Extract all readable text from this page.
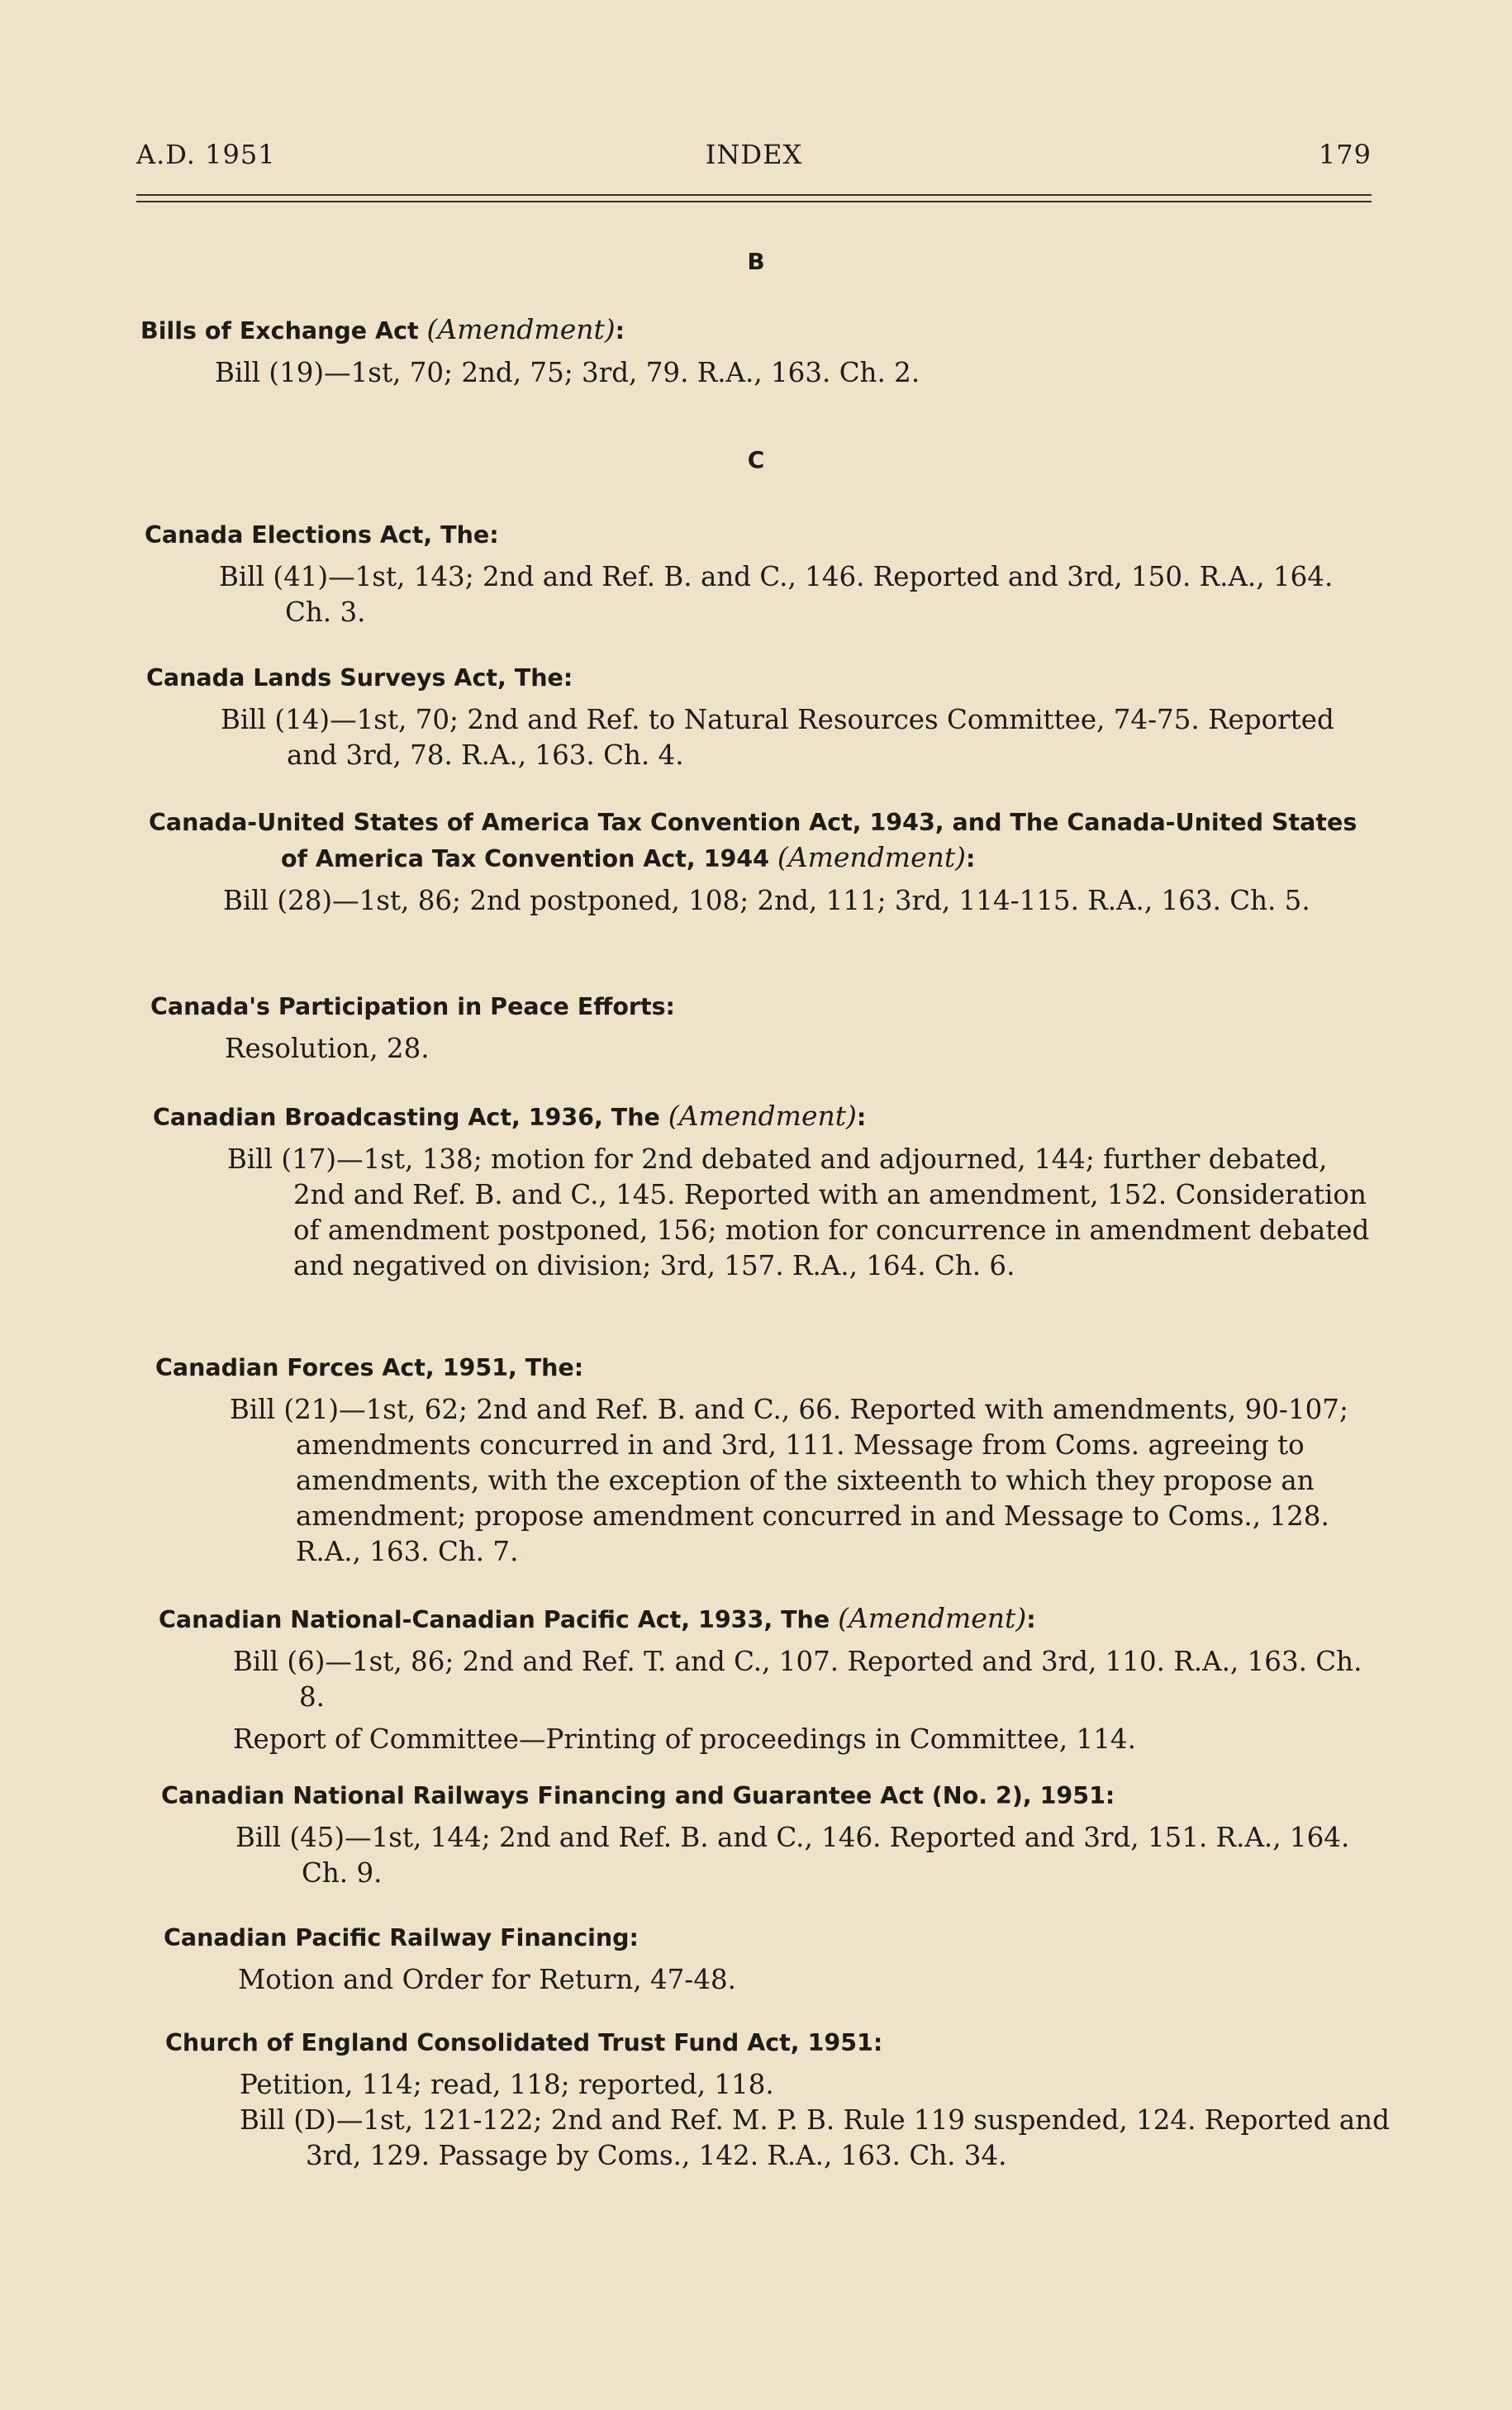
A.D. 1951	INDEX	179
B
Bills of Exchange Act (Amendment):
Bill (19)—1st, 70; 2nd, 75; 3rd, 79. R.A., 163. Ch. 2.
C
Canada Elections Act, The:
Bill (41)—1st, 143; 2nd and Ref. B. and C., 146. Reported and 3rd, 150. R.A., 164. Ch. 3.
Canada Lands Surveys Act, The:
Bill (14)—1st, 70; 2nd and Ref. to Natural Resources Committee, 74-75. Reported and 3rd, 78. R.A., 163. Ch. 4.
Canada-United States of America Tax Convention Act, 1943, and The Canada-United States of America Tax Convention Act, 1944 (Amendment):
Bill (28)—1st, 86; 2nd postponed, 108; 2nd, 111; 3rd, 114-115. R.A., 163. Ch. 5.
Canada's Participation in Peace Efforts:
Resolution, 28.
Canadian Broadcasting Act, 1936, The (Amendment):
Bill (17)—1st, 138; motion for 2nd debated and adjourned, 144; further debated, 2nd and Ref. B. and C., 145. Reported with an amendment, 152. Consideration of amendment postponed, 156; motion for concurrence in amendment debated and negatived on division; 3rd, 157. R.A., 164. Ch. 6.
Canadian Forces Act, 1951, The:
Bill (21)—1st, 62; 2nd and Ref. B. and C., 66. Reported with amendments, 90-107; amendments concurred in and 3rd, 111. Message from Coms. agreeing to amendments, with the exception of the sixteenth to which they propose an amendment; propose amendment concurred in and Message to Coms., 128. R.A., 163. Ch. 7.
Canadian National-Canadian Pacific Act, 1933, The (Amendment):
Bill (6)—1st, 86; 2nd and Ref. T. and C., 107. Reported and 3rd, 110. R.A., 163. Ch. 8.
Report of Committee—Printing of proceedings in Committee, 114.
Canadian National Railways Financing and Guarantee Act (No. 2), 1951:
Bill (45)—1st, 144; 2nd and Ref. B. and C., 146. Reported and 3rd, 151. R.A., 164. Ch. 9.
Canadian Pacific Railway Financing:
Motion and Order for Return, 47-48.
Church of England Consolidated Trust Fund Act, 1951:
Petition, 114; read, 118; reported, 118.
Bill (D)—1st, 121-122; 2nd and Ref. M. P. B. Rule 119 suspended, 124. Reported and 3rd, 129. Passage by Coms., 142. R.A., 163. Ch. 34.
